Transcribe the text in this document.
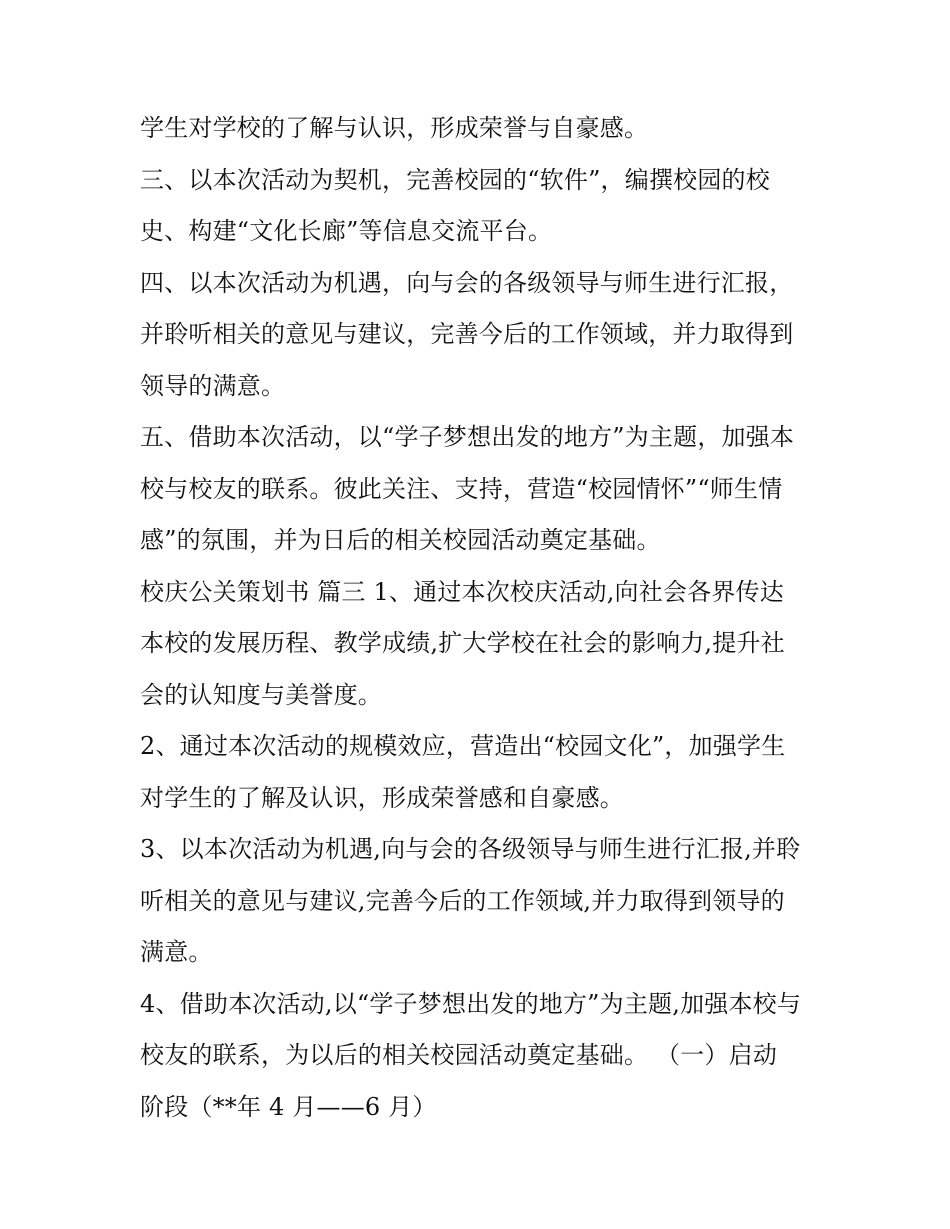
学生对学校的了解与认识，形成荣誉与自豪感。
三、以本次活动为契机，完善校园的“软件”，编撰校园的校
史、构建“文化长廊”等信息交流平台。
四、以本次活动为机遇，向与会的各级领导与师生进行汇报，
并聆听相关的意见与建议，完善今后的工作领域，并力取得到
领导的满意。
五、借助本次活动，以“学子梦想出发的地方”为主题，加强本
校与校友的联系。彼此关注、支持，营造“校园情怀”“师生情
感”的氛围，并为日后的相关校园活动奠定基础。
校庆公关策划书 篇三 1、通过本次校庆活动,向社会各界传达
本校的发展历程、教学成绩,扩大学校在社会的影响力,提升社
会的认知度与美誉度。
2、通过本次活动的规模效应，营造出“校园文化”，加强学生
对学生的了解及认识，形成荣誉感和自豪感。
3、以本次活动为机遇,向与会的各级领导与师生进行汇报,并聆
听相关的意见与建议,完善今后的工作领域,并力取得到领导的
满意。
4、借助本次活动,以“学子梦想出发的地方”为主题,加强本校与
校友的联系，为以后的相关校园活动奠定基础。 （一）启动
阶段（**年 4 月——6 月）
